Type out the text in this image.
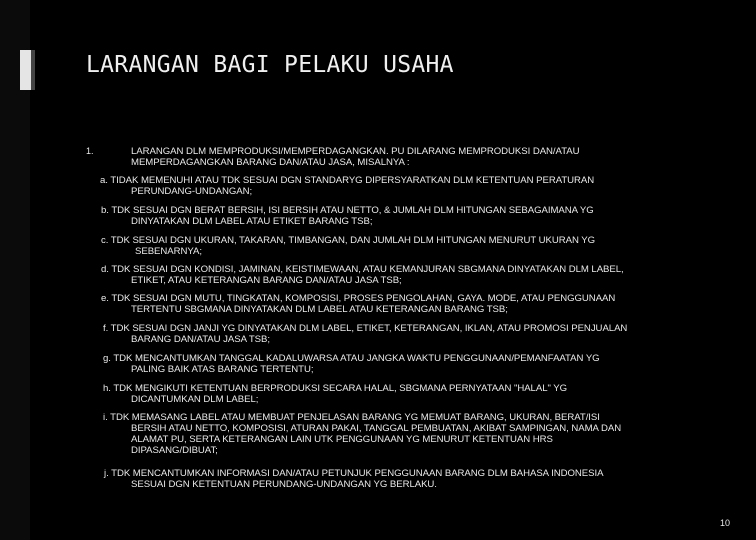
LARANGAN BAGI PELAKU USAHA
1.	LARANGAN DLM MEMPRODUKSI/MEMPERDAGANGKAN. PU DILARANG MEMPRODUKSI DAN/ATAU
MEMPERDAGANGKAN BARANG DAN/ATAU JASA, MISALNYA :
a. TIDAK MEMENUHI ATAU TDK SESUAI DGN STANDARYG DIPERSYARATKAN DLM KETENTUAN PERATURAN
PERUNDANG-UNDANGAN;
b. TDK SESUAI DGN BERAT BERSIH, ISI BERSIH ATAU NETTO, & JUMLAH DLM HITUNGAN SEBAGAIMANA YG
DINYATAKAN DLM LABEL ATAU ETIKET BARANG TSB;
c. TDK SESUAI DGN UKURAN, TAKARAN, TIMBANGAN, DAN JUMLAH DLM HITUNGAN MENURUT UKURAN YG
SEBENARNYA;
d. TDK SESUAI DGN KONDISI, JAMINAN, KEISTIMEWAAN, ATAU KEMANJURAN SBGMANA DINYATAKAN DLM LABEL,
ETIKET, ATAU KETERANGAN BARANG DAN/ATAU JASA TSB;
e. TDK SESUAI DGN MUTU, TINGKATAN, KOMPOSISI, PROSES PENGOLAHAN, GAYA. MODE, ATAU PENGGUNAAN
TERTENTU SBGMANA DINYATAKAN DLM LABEL ATAU KETERANGAN BARANG TSB;
f. TDK SESUAI DGN JANJI YG DINYATAKAN DLM LABEL, ETIKET, KETERANGAN, IKLAN, ATAU PROMOSI PENJUALAN
BARANG DAN/ATAU JASA TSB;
g. TDK MENCANTUMKAN TANGGAL KADALUWARSA ATAU JANGKA WAKTU PENGGUNAAN/PEMANFAATAN YG
PALING BAIK ATAS BARANG TERTENTU;
h. TDK MENGIKUTI KETENTUAN BERPRODUKSI SECARA HALAL, SBGMANA PERNYATAAN "HALAL" YG
DICANTUMKAN DLM LABEL;
i. TDK MEMASANG LABEL ATAU MEMBUAT PENJELASAN BARANG YG MEMUAT BARANG, UKURAN, BERAT/ISI
BERSIH ATAU NETTO, KOMPOSISI, ATURAN PAKAI, TANGGAL PEMBUATAN, AKIBAT SAMPINGAN, NAMA DAN
ALAMAT PU, SERTA KETERANGAN LAIN UTK PENGGUNAAN YG MENURUT KETENTUAN HRS
DIPASANG/DIBUAT;
j. TDK MENCANTUMKAN INFORMASI DAN/ATAU PETUNJUK PENGGUNAAN BARANG DLM BAHASA INDONESIA
SESUAI DGN KETENTUAN PERUNDANG-UNDANGAN YG BERLAKU.
10
